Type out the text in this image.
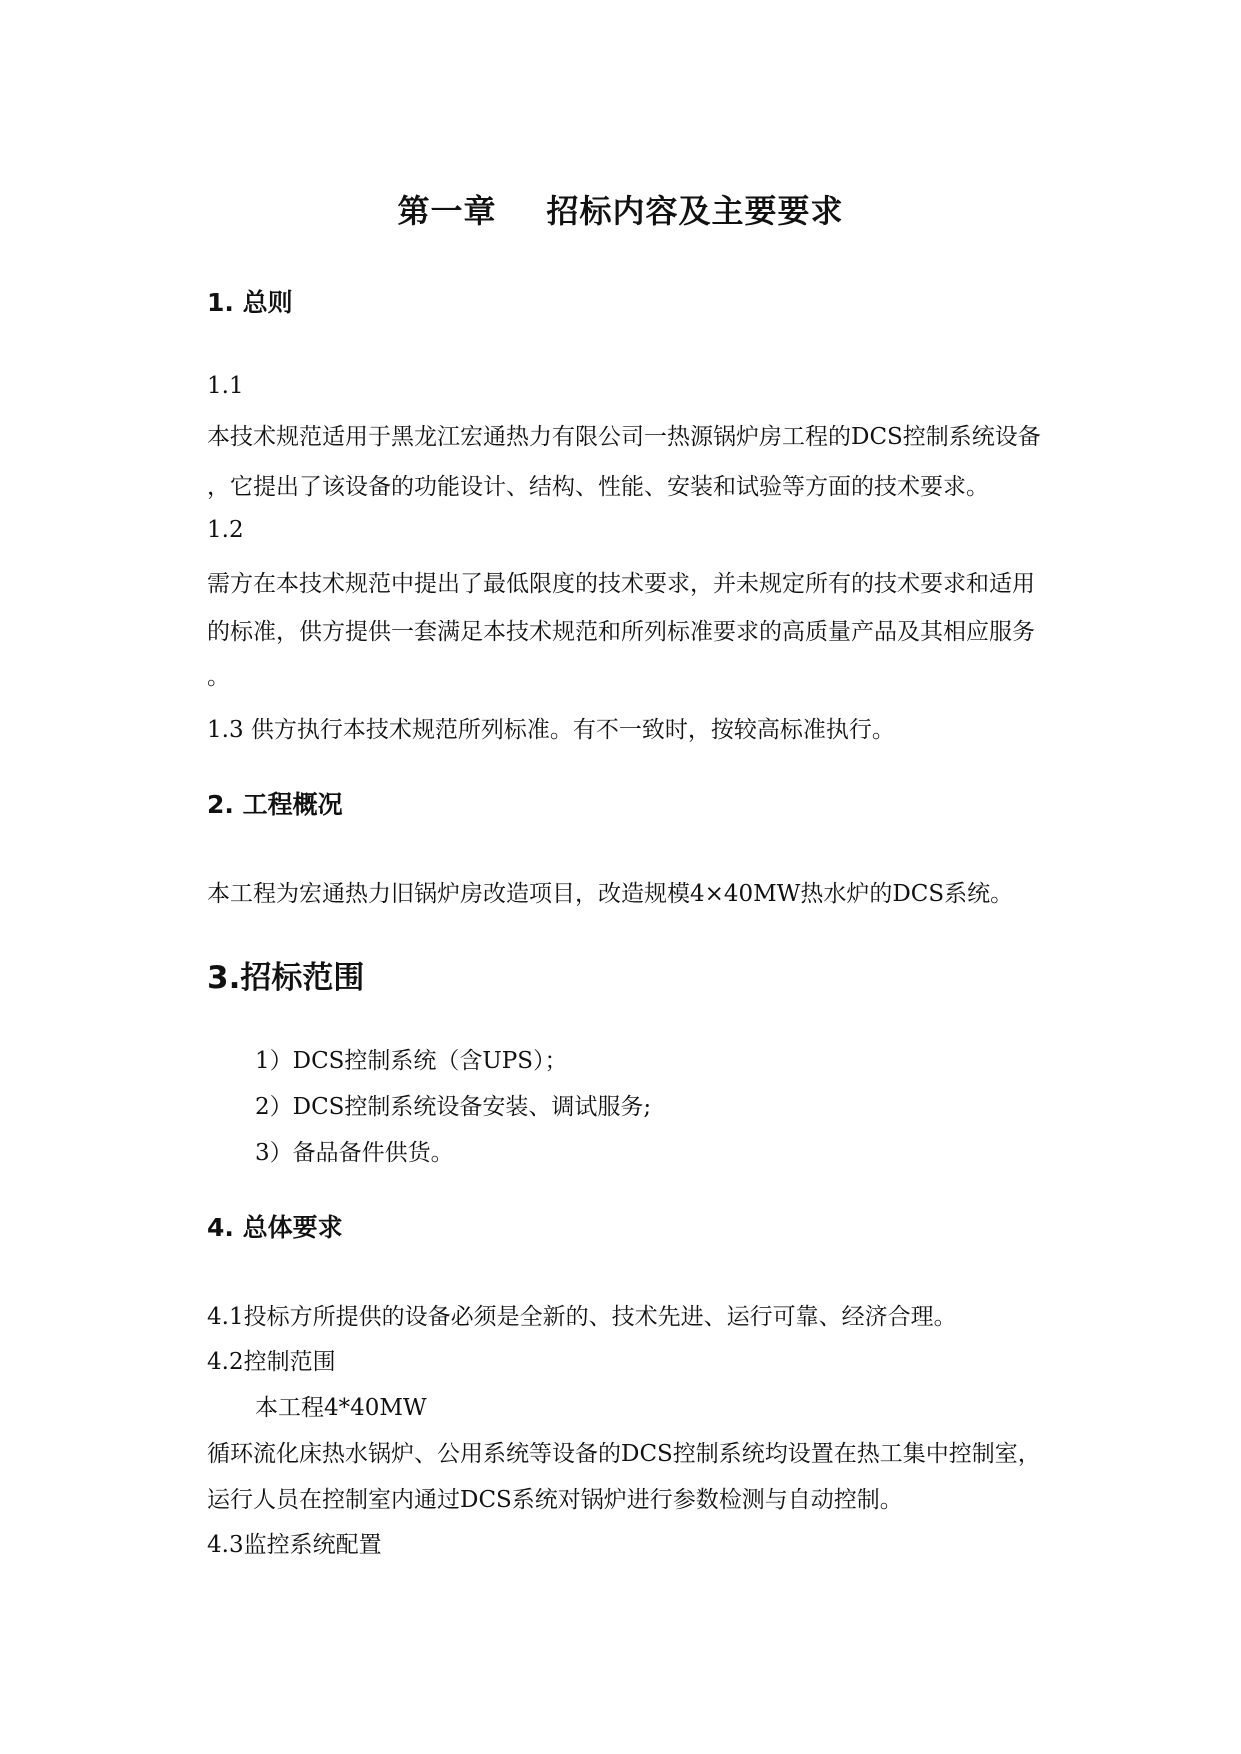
第一章 招标内容及主要要求
1. 总则
1.1
本技术规范适用于黑龙江宏通热力有限公司一热源锅炉房工程的DCS控制系统设备
，它提出了该设备的功能设计、结构、性能、安装和试验等方面的技术要求。
1.2
需方在本技术规范中提出了最低限度的技术要求，并未规定所有的技术要求和适用
的标准，供方提供一套满足本技术规范和所列标准要求的高质量产品及其相应服务
。
1.3 供方执行本技术规范所列标准。有不一致时，按较高标准执行。
2. 工程概况
本工程为宏通热力旧锅炉房改造项目，改造规模4×40MW热水炉的DCS系统。
3.招标范围
1）DCS控制系统（含UPS）；
2）DCS控制系统设备安装、调试服务;
3）备品备件供货。
4. 总体要求
4.1投标方所提供的设备必须是全新的、技术先进、运行可靠、经济合理。
4.2控制范围
本工程4*40MW
循环流化床热水锅炉、公用系统等设备的DCS控制系统均设置在热工集中控制室，
运行人员在控制室内通过DCS系统对锅炉进行参数检测与自动控制。
4.3监控系统配置
